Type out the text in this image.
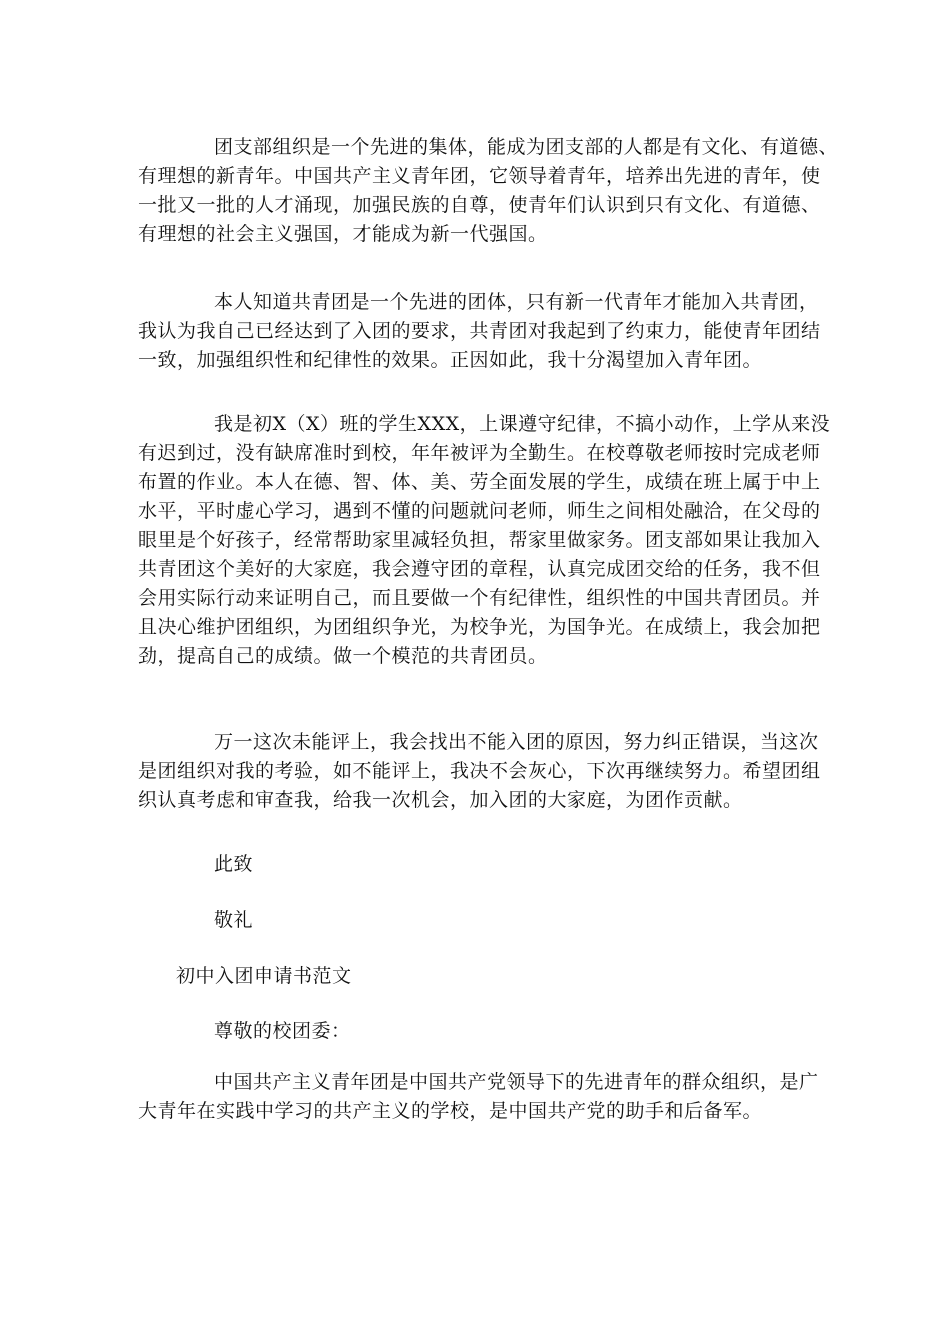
团支部组织是一个先进的集体，能成为团支部的人都是有文化、有道德、
有理想的新青年。中国共产主义青年团，它领导着青年，培养出先进的青年，使
一批又一批的人才涌现，加强民族的自尊，使青年们认识到只有文化、有道德、
有理想的社会主义强国，才能成为新一代强国。
本人知道共青团是一个先进的团体，只有新一代青年才能加入共青团，
我认为我自己已经达到了入团的要求，共青团对我起到了约束力，能使青年团结
一致，加强组织性和纪律性的效果。正因如此，我十分渴望加入青年团。
我是初X（X）班的学生XXX，上课遵守纪律，不搞小动作，上学从来没
有迟到过，没有缺席准时到校，年年被评为全勤生。在校尊敬老师按时完成老师
布置的作业。本人在德、智、体、美、劳全面发展的学生，成绩在班上属于中上
水平，平时虚心学习，遇到不懂的问题就问老师，师生之间相处融洽，在父母的
眼里是个好孩子，经常帮助家里减轻负担，帮家里做家务。团支部如果让我加入
共青团这个美好的大家庭，我会遵守团的章程，认真完成团交给的任务，我不但
会用实际行动来证明自己，而且要做一个有纪律性，组织性的中国共青团员。并
且决心维护团组织，为团组织争光，为校争光，为国争光。在成绩上，我会加把
劲，提高自己的成绩。做一个模范的共青团员。
万一这次未能评上，我会找出不能入团的原因，努力纠正错误，当这次
是团组织对我的考验，如不能评上，我决不会灰心，下次再继续努力。希望团组
织认真考虑和审查我，给我一次机会，加入团的大家庭，为团作贡献。

此致

敬礼

初中入团申请书范文

尊敬的校团委：

中国共产主义青年团是中国共产党领导下的先进青年的群众组织，是广
大青年在实践中学习的共产主义的学校，是中国共产党的助手和后备军。
